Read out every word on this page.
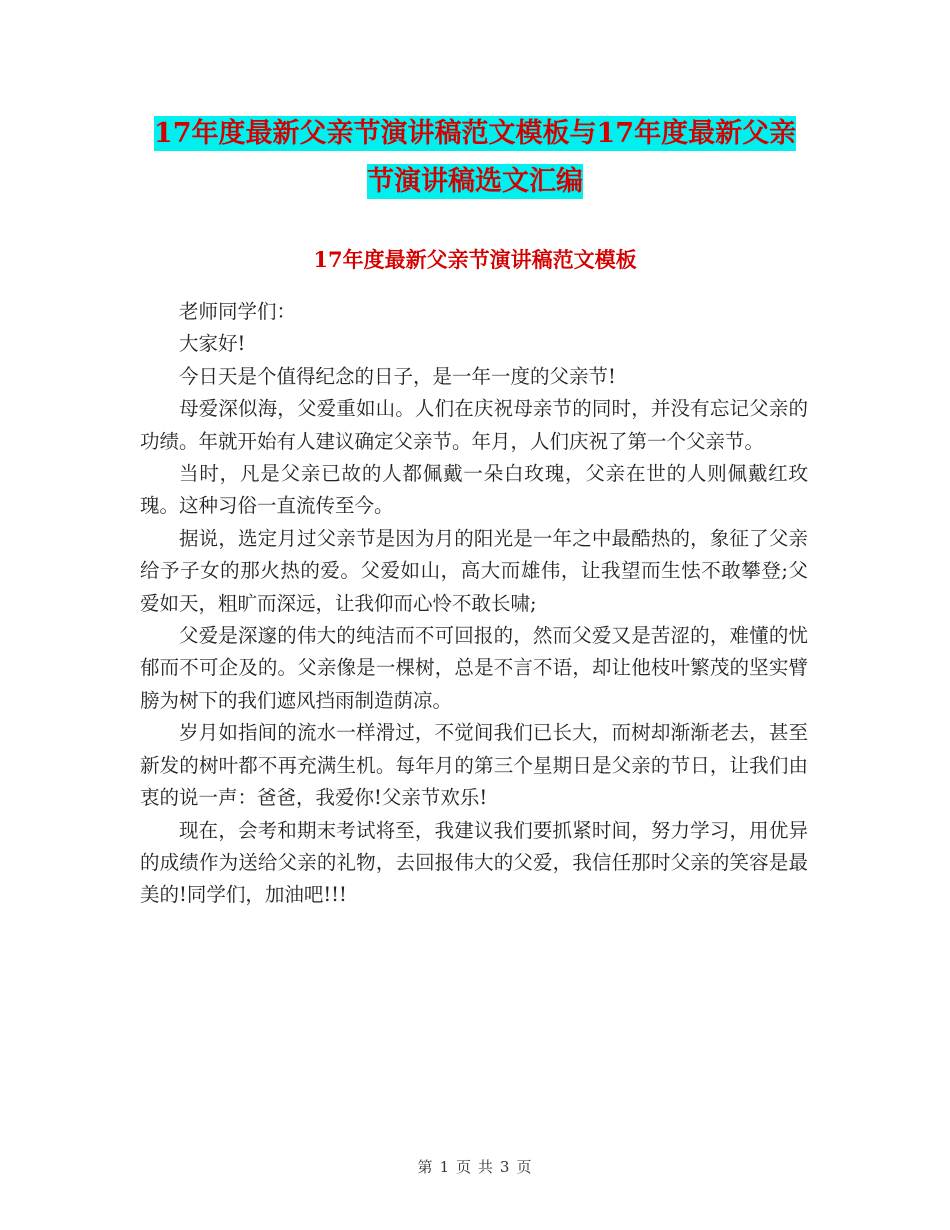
17年度最新父亲节演讲稿范文模板与17年度最新父亲
节演讲稿选文汇编
17年度最新父亲节演讲稿范文模板

老师同学们：

大家好!

今日天是个值得纪念的日子，是一年一度的父亲节!

母爱深似海，父爱重如山。人们在庆祝母亲节的同时，并没有忘记父亲的功绩。年就开始有人建议确定父亲节。年月，人们庆祝了第一个父亲节。

当时，凡是父亲已故的人都佩戴一朵白玫瑰，父亲在世的人则佩戴红玫瑰。这种习俗一直流传至今。

据说，选定月过父亲节是因为月的阳光是一年之中最酷热的，象征了父亲给予子女的那火热的爱。父爱如山，高大而雄伟，让我望而生怯不敢攀登;父爱如天，粗旷而深远，让我仰而心怜不敢长啸;

父爱是深邃的伟大的纯洁而不可回报的，然而父爱又是苦涩的，难懂的忧郁而不可企及的。父亲像是一棵树，总是不言不语，却让他枝叶繁茂的坚实臂膀为树下的我们遮风挡雨制造荫凉。

岁月如指间的流水一样滑过，不觉间我们已长大，而树却渐渐老去，甚至新发的树叶都不再充满生机。每年月的第三个星期日是父亲的节日，让我们由衷的说一声：爸爸，我爱你!父亲节欢乐!

现在，会考和期末考试将至，我建议我们要抓紧时间，努力学习，用优异的成绩作为送给父亲的礼物，去回报伟大的父爱，我信任那时父亲的笑容是最美的!同学们，加油吧!!!

第 1 页 共 3 页
